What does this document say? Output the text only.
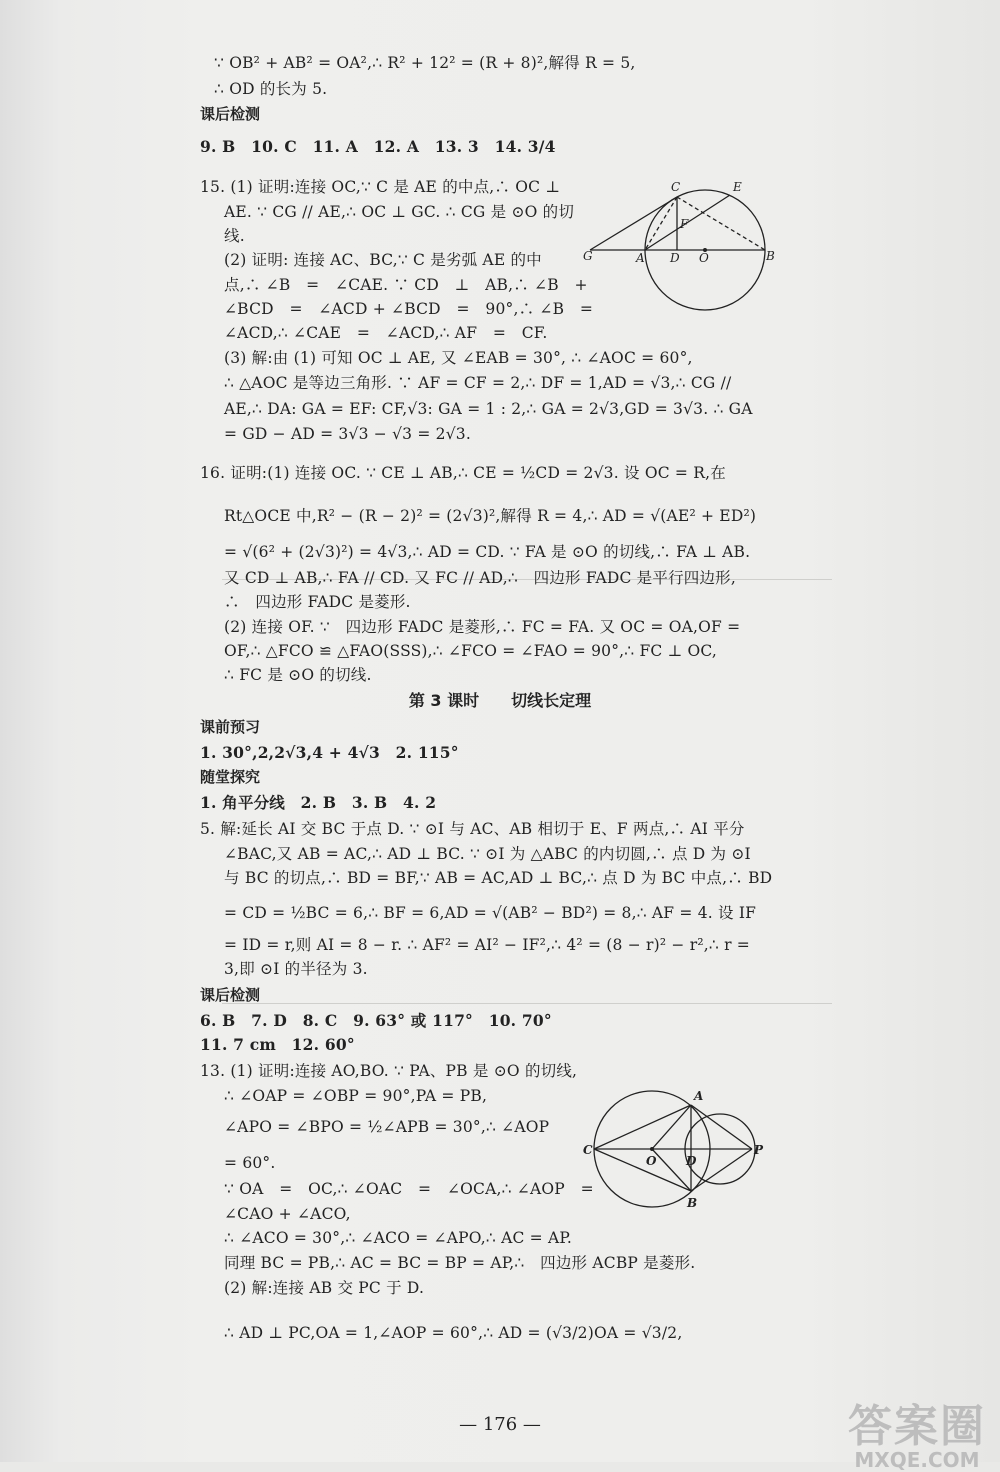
∵ OB² + AB² = OA²,∴ R² + 12² = (R + 8)²,解得 R = 5,
∴ OD 的长为 5.
课后检测
9. B　10. C　11. A　12. A　13. 3　14. 3/4
15. (1) 证明:连接 OC,∵ C 是 AE 的中点,∴ OC ⊥
AE. ∵ CG // AE,∴ OC ⊥ GC. ∴ CG 是 ⊙O 的切
线.
(2) 证明: 连接 AC、BC,∵ C 是劣弧 AE 的中
点,∴ ∠B　=　∠CAE. ∵ CD　⊥　AB,∴ ∠B　+
∠BCD　=　∠ACD + ∠BCD　=　90°,∴ ∠B　=
∠ACD,∴ ∠CAE　=　∠ACD,∴ AF　=　CF.
(3) 解:由 (1) 可知 OC ⊥ AE, 又 ∠EAB = 30°, ∴ ∠AOC = 60°,
∴ △AOC 是等边三角形. ∵ AF = CF = 2,∴ DF = 1,AD = √3,∴ CG //
AE,∴ DA: GA = EF: CF,√3: GA = 1 : 2,∴ GA = 2√3,GD = 3√3. ∴ GA
= GD − AD = 3√3 − √3 = 2√3.
16. 证明:(1) 连接 OC. ∵ CE ⊥ AB,∴ CE = ½CD = 2√3. 设 OC = R,在
Rt△OCE 中,R² − (R − 2)² = (2√3)²,解得 R = 4,∴ AD = √(AE² + ED²)
= √(6² + (2√3)²) = 4√3,∴ AD = CD. ∵ FA 是 ⊙O 的切线,∴ FA ⊥ AB.
又 CD ⊥ AB,∴ FA // CD. 又 FC // AD,∴　四边形 FADC 是平行四边形,
∴　四边形 FADC 是菱形.
(2) 连接 OF. ∵　四边形 FADC 是菱形,∴ FC = FA. 又 OC = OA,OF =
OF,∴ △FCO ≌ △FAO(SSS),∴ ∠FCO = ∠FAO = 90°,∴ FC ⊥ OC,
∴ FC 是 ⊙O 的切线.
第 3 课时　　切线长定理
课前预习
1. 30°,2,2√3,4 + 4√3　2. 115°
随堂探究
1. 角平分线　2. B　3. B　4. 2
5. 解:延长 AI 交 BC 于点 D. ∵ ⊙I 与 AC、AB 相切于 E、F 两点,∴ AI 平分
∠BAC,又 AB = AC,∴ AD ⊥ BC. ∵ ⊙I 为 △ABC 的内切圆,∴ 点 D 为 ⊙I
与 BC 的切点,∴ BD = BF,∵ AB = AC,AD ⊥ BC,∴ 点 D 为 BC 中点,∴ BD
= CD = ½BC = 6,∴ BF = 6,AD = √(AB² − BD²) = 8,∴ AF = 4. 设 IF
= ID = r,则 AI = 8 − r. ∴ AF² = AI² − IF²,∴ 4² = (8 − r)² − r²,∴ r =
3,即 ⊙I 的半径为 3.
课后检测
6. B　7. D　8. C　9. 63° 或 117°　10. 70°
11. 7 cm　12. 60°
13. (1) 证明:连接 AO,BO. ∵ PA、PB 是 ⊙O 的切线,
∴ ∠OAP = ∠OBP = 90°,PA = PB,
∠APO = ∠BPO = ½∠APB = 30°,∴ ∠AOP
= 60°.
∵ OA　=　OC,∴ ∠OAC　=　∠OCA,∴ ∠AOP　=
∠CAO + ∠ACO,
∴ ∠ACO = 30°,∴ ∠ACO = ∠APO,∴ AC = AP.
同理 BC = PB,∴ AC = BC = BP = AP,∴　四边形 ACBP 是菱形.
(2) 解:连接 AB 交 PC 于 D.
∴ AD ⊥ PC,OA = 1,∠AOP = 60°,∴ AD = (√3/2)OA = √3/2,
C	E
F
G	A D O	B
A
C
O D
P
B
— 176 —	答案圈
MXQE.COM
